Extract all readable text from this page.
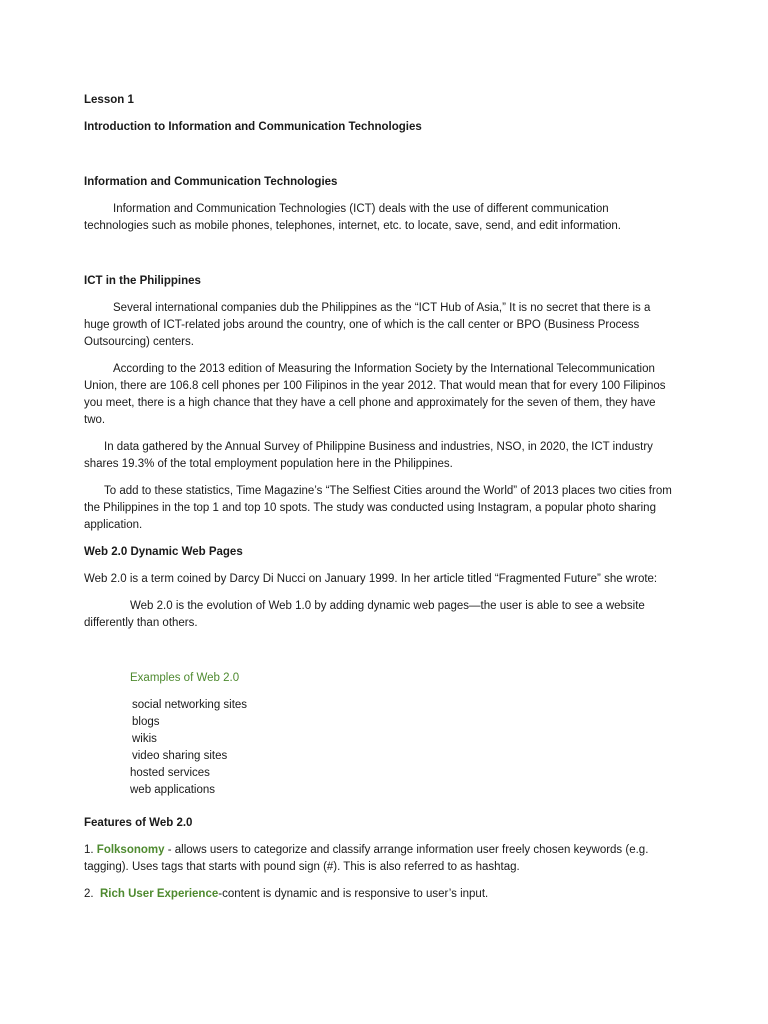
Lesson 1

Introduction to Information and Communication Technologies

Information and Communication Technologies

Information and Communication Technologies (ICT) deals with the use of different communication technologies such as mobile phones, telephones, internet, etc. to locate, save, send, and edit information.

ICT in the Philippines

Several international companies dub the Philippines as the “ICT Hub of Asia,” It is no secret that there is a huge growth of ICT-related jobs around the country, one of which is the call center or BPO (Business Process Outsourcing) centers.

According to the 2013 edition of Measuring the Information Society by the International Telecommunication Union, there are 106.8 cell phones per 100 Filipinos in the year 2012. That would mean that for every 100 Filipinos you meet, there is a high chance that they have a cell phone and approximately for the seven of them, they have two.

In data gathered by the Annual Survey of Philippine Business and industries, NSO, in 2020, the ICT industry shares 19.3% of the total employment population here in the Philippines.

To add to these statistics, Time Magazine’s “The Selfiest Cities around the World” of 2013 places two cities from the Philippines in the top 1 and top 10 spots. The study was conducted using Instagram, a popular photo sharing application.

Web 2.0 Dynamic Web Pages

Web 2.0 is a term coined by Darcy Di Nucci on January 1999. In her article titled “Fragmented Future” she wrote:

Web 2.0 is the evolution of Web 1.0 by adding dynamic web pages—the user is able to see a website differently than others.

Examples of Web 2.0

social networking sites
blogs
wikis
video sharing sites
hosted services
web applications

Features of Web 2.0

1. Folksonomy - allows users to categorize and classify arrange information user freely chosen keywords (e.g. tagging). Uses tags that starts with pound sign (#). This is also referred to as hashtag.

2. Rich User Experience-content is dynamic and is responsive to user’s input.
